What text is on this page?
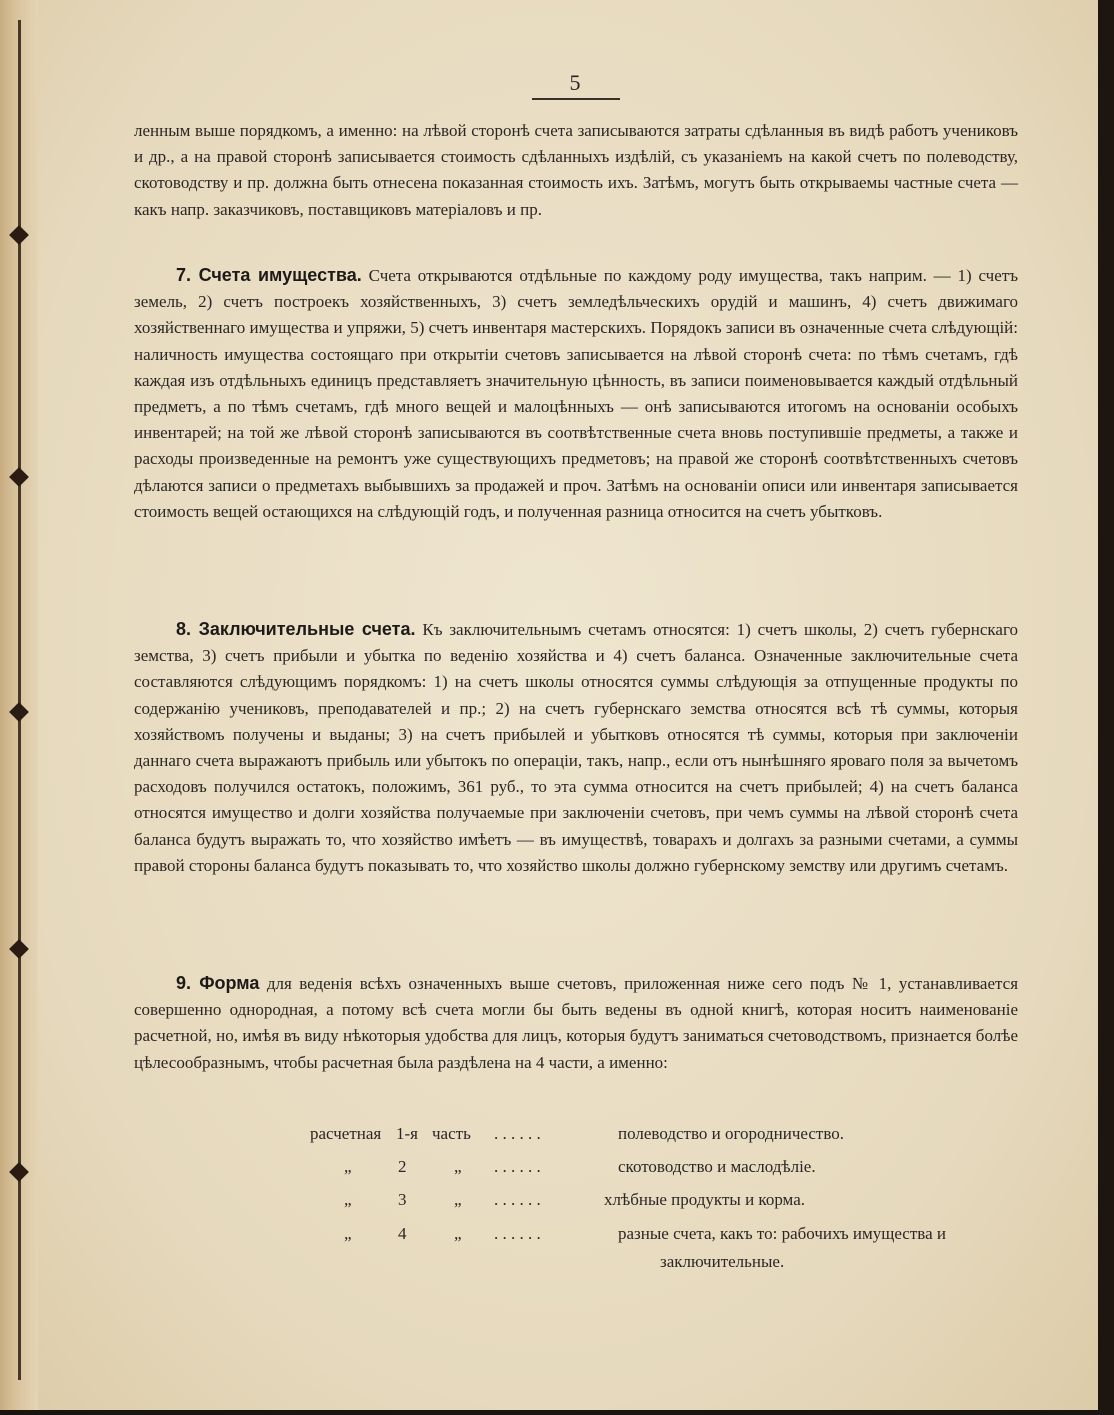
5

ленным выше порядкомъ, а именно: на лѣвой сторонѣ счета записываются затраты сдѣланныя въ видѣ работъ учениковъ и др., а на правой сторонѣ записывается стоимость сдѣланныхъ издѣлій, съ указаніемъ на какой счетъ по полеводству, скотоводству и пр. должна быть отнесена показанная стоимость ихъ. Затѣмъ, могутъ быть открываемы частные счета — какъ напр. заказчиковъ, поставщиковъ матеріаловъ и пр.

7. Счета имущества. Счета открываются отдѣльные по каждому роду имущества, такъ наприм. — 1) счетъ земель, 2) счетъ построекъ хозяйственныхъ, 3) счетъ земледѣльческихъ орудій и машинъ, 4) счетъ движимаго хозяйственнаго имущества и упряжи, 5) счетъ инвентаря мастерскихъ. Порядокъ записи въ означенные счета слѣдующій: наличность имущества состоящаго при открытіи счетовъ записывается на лѣвой сторонѣ счета: по тѣмъ счетамъ, гдѣ каждая изъ отдѣльныхъ единицъ представляетъ значительную цѣнность, въ записи поименовывается каждый отдѣльный предметъ, а по тѣмъ счетамъ, гдѣ много вещей и малоцѣнныхъ — онѣ записываются итогомъ на основаніи особыхъ инвентарей; на той же лѣвой сторонѣ записываются въ соотвѣтственные счета вновь поступившіе предметы, а также и расходы произведенные на ремонтъ уже существующихъ предметовъ; на правой же сторонѣ соотвѣтственныхъ счетовъ дѣлаются записи о предметахъ выбывшихъ за продажей и проч. Затѣмъ на основаніи описи или инвентаря записывается стоимость вещей остающихся на слѣдующій годъ, и полученная разница относится на счетъ убытковъ.

8. Заключительные счета. Къ заключительнымъ счетамъ относятся: 1) счетъ школы, 2) счетъ губернскаго земства, 3) счетъ прибыли и убытка по веденію хозяйства и 4) счетъ баланса. Означенные заключительные счета составляются слѣдующимъ порядкомъ: 1) на счетъ школы относятся суммы слѣдующія за отпущенные продукты по содержанію учениковъ, преподавателей и пр.; 2) на счетъ губернскаго земства относятся всѣ тѣ суммы, которыя хозяйствомъ получены и выданы; 3) на счетъ прибылей и убытковъ относятся тѣ суммы, которыя при заключеніи даннаго счета выражаютъ прибыль или убытокъ по операціи, такъ, напр., если отъ нынѣшняго яроваго поля за вычетомъ расходовъ получился остатокъ, положимъ, 361 руб., то эта сумма относится на счетъ прибылей; 4) на счетъ баланса относятся имущество и долги хозяйства получаемые при заключеніи счетовъ, при чемъ суммы на лѣвой сторонѣ счета баланса будутъ выражать то, что хозяйство имѣетъ — въ имуществѣ, товарахъ и долгахъ за разными счетами, а суммы правой стороны баланса будутъ показывать то, что хозяйство школы должно губернскому земству или другимъ счетамъ.

9. Форма для веденія всѣхъ означенныхъ выше счетовъ, приложенная ниже сего подъ № 1, устанавливается совершенно однородная, а потому всѣ счета могли бы быть ведены въ одной книгѣ, которая носитъ наименованіе расчетной, но, имѣя въ виду нѣкоторыя удобства для лицъ, которыя будутъ заниматься счетоводствомъ, признается болѣе цѣлесообразнымъ, чтобы расчетная была раздѣлена на 4 части, а именно:

расчетная 1-я часть . . . . . .	полеводство и огородничество.
„	2	„ . . . . . .	скотоводство и маслодѣліе.
„	3	„ . . . . . .	хлѣбные продукты и корма.
„	4	„ . . . . . .	разные счета, какъ то: рабочихъ имущества и
заключительные.
